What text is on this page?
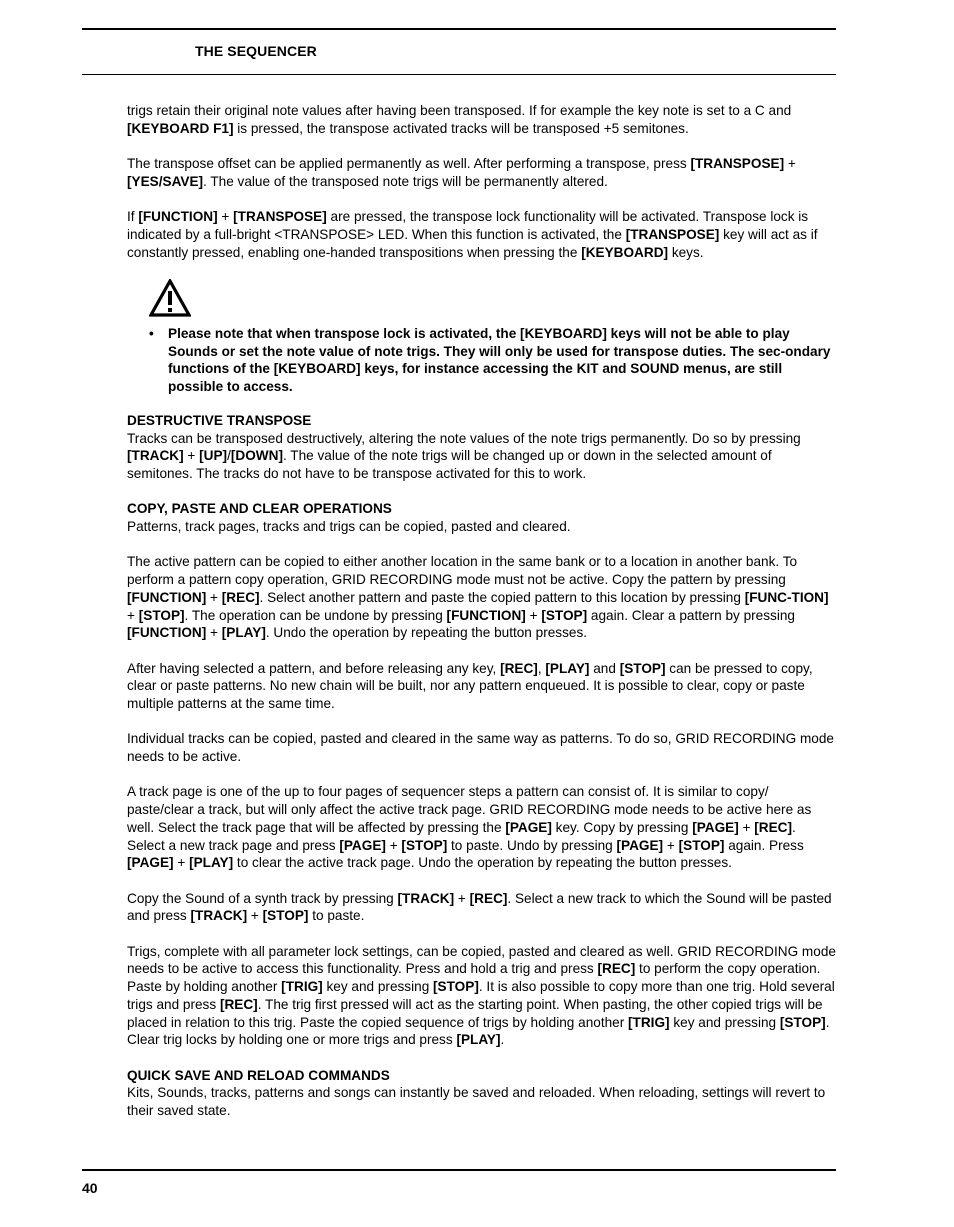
THE SEQUENCER

trigs retain their original note values after having been transposed. If for example the key note is set to a C and [KEYBOARD F1] is pressed, the transpose activated tracks will be transposed +5 semitones.

The transpose offset can be applied permanently as well. After performing a transpose, press [TRANSPOSE] + [YES/SAVE]. The value of the transposed note trigs will be permanently altered.

If [FUNCTION] + [TRANSPOSE] are pressed, the transpose lock functionality will be activated. Transpose lock is indicated by a full-bright <TRANSPOSE> LED. When this function is activated, the [TRANSPOSE] key will act as if constantly pressed, enabling one-handed transpositions when pressing the [KEYBOARD] keys.

• Please note that when transpose lock is activated, the [KEYBOARD] keys will not be able to play Sounds or set the note value of note trigs. They will only be used for transpose duties. The sec-ondary functions of the [KEYBOARD] keys, for instance accessing the KIT and SOUND menus, are still possible to access.
DESTRUCTIVE TRANSPOSE

Tracks can be transposed destructively, altering the note values of the note trigs permanently. Do so by pressing [TRACK] + [UP]/[DOWN]. The value of the note trigs will be changed up or down in the selected amount of semitones. The tracks do not have to be transpose activated for this to work.

COPY, PASTE AND CLEAR OPERATIONS

Patterns, track pages, tracks and trigs can be copied, pasted and cleared.

The active pattern can be copied to either another location in the same bank or to a location in another bank. To perform a pattern copy operation, GRID RECORDING mode must not be active. Copy the pattern by pressing [FUNCTION] + [REC]. Select another pattern and paste the copied pattern to this location by pressing [FUNC-TION] + [STOP]. The operation can be undone by pressing [FUNCTION] + [STOP] again. Clear a pattern by pressing [FUNCTION] + [PLAY]. Undo the operation by repeating the button presses.

After having selected a pattern, and before releasing any key, [REC], [PLAY] and [STOP] can be pressed to copy, clear or paste patterns. No new chain will be built, nor any pattern enqueued. It is possible to clear, copy or paste multiple patterns at the same time.

Individual tracks can be copied, pasted and cleared in the same way as patterns. To do so, GRID RECORDING mode needs to be active.

A track page is one of the up to four pages of sequencer steps a pattern can consist of. It is similar to copy/ paste/clear a track, but will only affect the active track page. GRID RECORDING mode needs to be active here as well. Select the track page that will be affected by pressing the [PAGE] key. Copy by pressing [PAGE] + [REC]. Select a new track page and press [PAGE] + [STOP] to paste. Undo by pressing [PAGE] + [STOP] again. Press [PAGE] + [PLAY] to clear the active track page. Undo the operation by repeating the button presses.

Copy the Sound of a synth track by pressing [TRACK] + [REC]. Select a new track to which the Sound will be pasted and press [TRACK] + [STOP] to paste.

Trigs, complete with all parameter lock settings, can be copied, pasted and cleared as well. GRID RECORDING mode needs to be active to access this functionality. Press and hold a trig and press [REC] to perform the copy operation. Paste by holding another [TRIG] key and pressing [STOP]. It is also possible to copy more than one trig. Hold several trigs and press [REC]. The trig first pressed will act as the starting point. When pasting, the other copied trigs will be placed in relation to this trig. Paste the copied sequence of trigs by holding another [TRIG] key and pressing [STOP]. Clear trig locks by holding one or more trigs and press [PLAY].

QUICK SAVE AND RELOAD COMMANDS

Kits, Sounds, tracks, patterns and songs can instantly be saved and reloaded. When reloading, settings will revert to their saved state.

40
